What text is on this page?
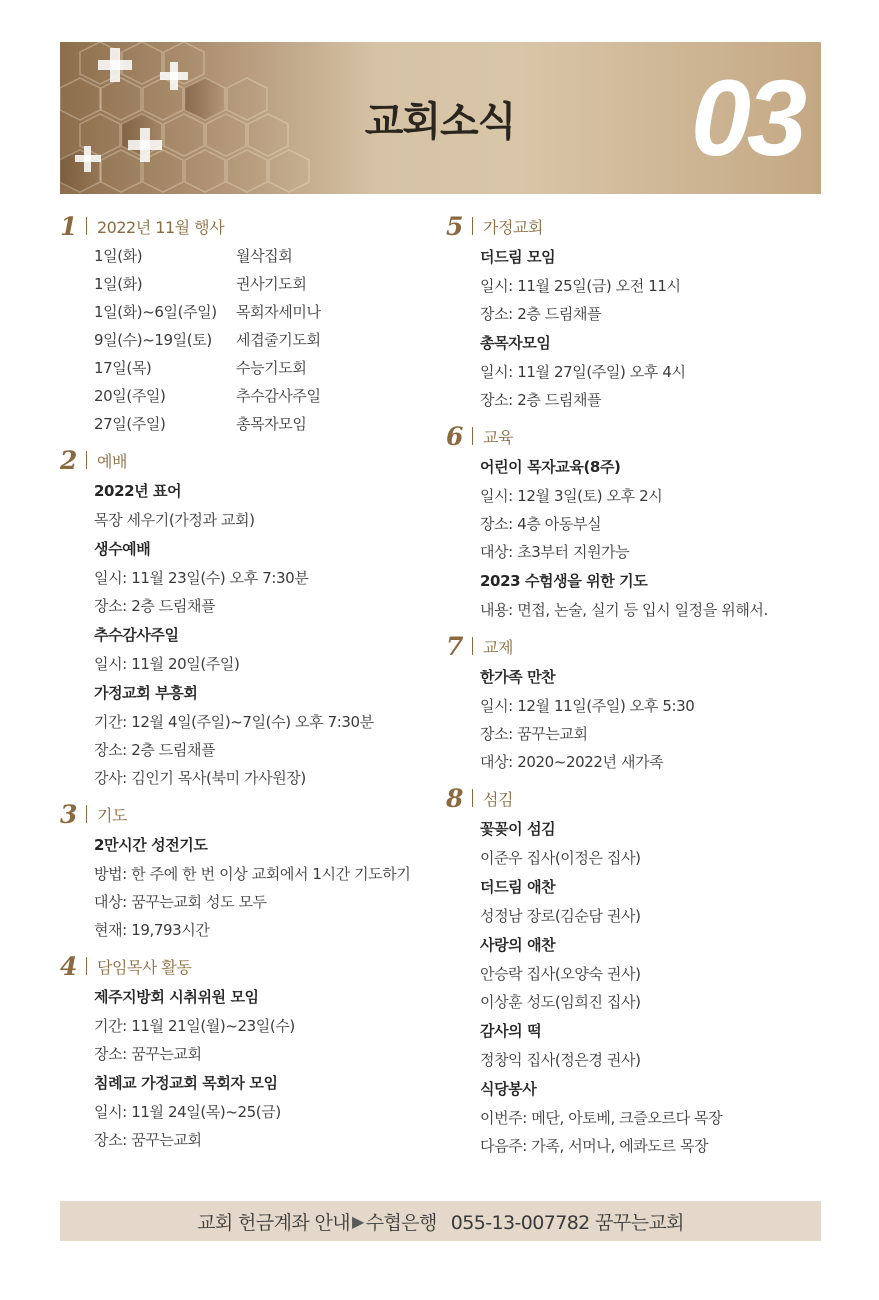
교회소식 03
1 2022년 11월 행사
1일(화)	월삭집회
1일(화)	권사기도회
1일(화)~6일(주일)	목회자세미나
9일(수)~19일(토)	세겹줄기도회
17일(목)	수능기도회
20일(주일)	추수감사주일
27일(주일)	총목자모임
2 예배
2022년 표어
목장 세우기(가정과 교회)
생수예배
일시: 11월 23일(수) 오후 7:30분
장소: 2층 드림채플
추수감사주일
일시: 11월 20일(주일)
가정교회 부흥회
기간: 12월 4일(주일)~7일(수) 오후 7:30분
장소: 2층 드림채플
강사: 김인기 목사(북미 가사원장)
3 기도
2만시간 성전기도
방법: 한 주에 한 번 이상 교회에서 1시간 기도하기
대상: 꿈꾸는교회 성도 모두
현재: 19,793시간
4 담임목사 활동
제주지방회 시취위원 모임
기간: 11월 21일(월)~23일(수)
장소: 꿈꾸는교회
침례교 가정교회 목회자 모임
일시: 11월 24일(목)~25(금)
장소: 꿈꾸는교회
5 가정교회
더드림 모임
일시: 11월 25일(금) 오전 11시
장소: 2층 드림채플
총목자모임
일시: 11월 27일(주일) 오후 4시
장소: 2층 드림채플
6 교육
어린이 목자교육(8주)
일시: 12월 3일(토) 오후 2시
장소: 4층 아동부실
대상: 초3부터 지원가능
2023 수험생을 위한 기도
내용: 면접, 논술, 실기 등 입시 일정을 위해서.
7 교제
한가족 만찬
일시: 12월 11일(주일) 오후 5:30
장소: 꿈꾸는교회
대상: 2020~2022년 새가족
8 섬김
꽃꽂이 섬김
이준우 집사(이정은 집사)
더드림 애찬
성정남 장로(김순담 권사)
사랑의 애찬
안승락 집사(오양숙 권사)
이상훈 성도(임희진 집사)
감사의 떡
정창익 집사(정은경 권사)
식당봉사
이번주: 메단, 아토베, 크즐오르다 목장
다음주: 가족, 서머나, 에콰도르 목장
교회 헌금계좌 안내 ▶ 수협은행 055-13-007782 꿈꾸는교회
